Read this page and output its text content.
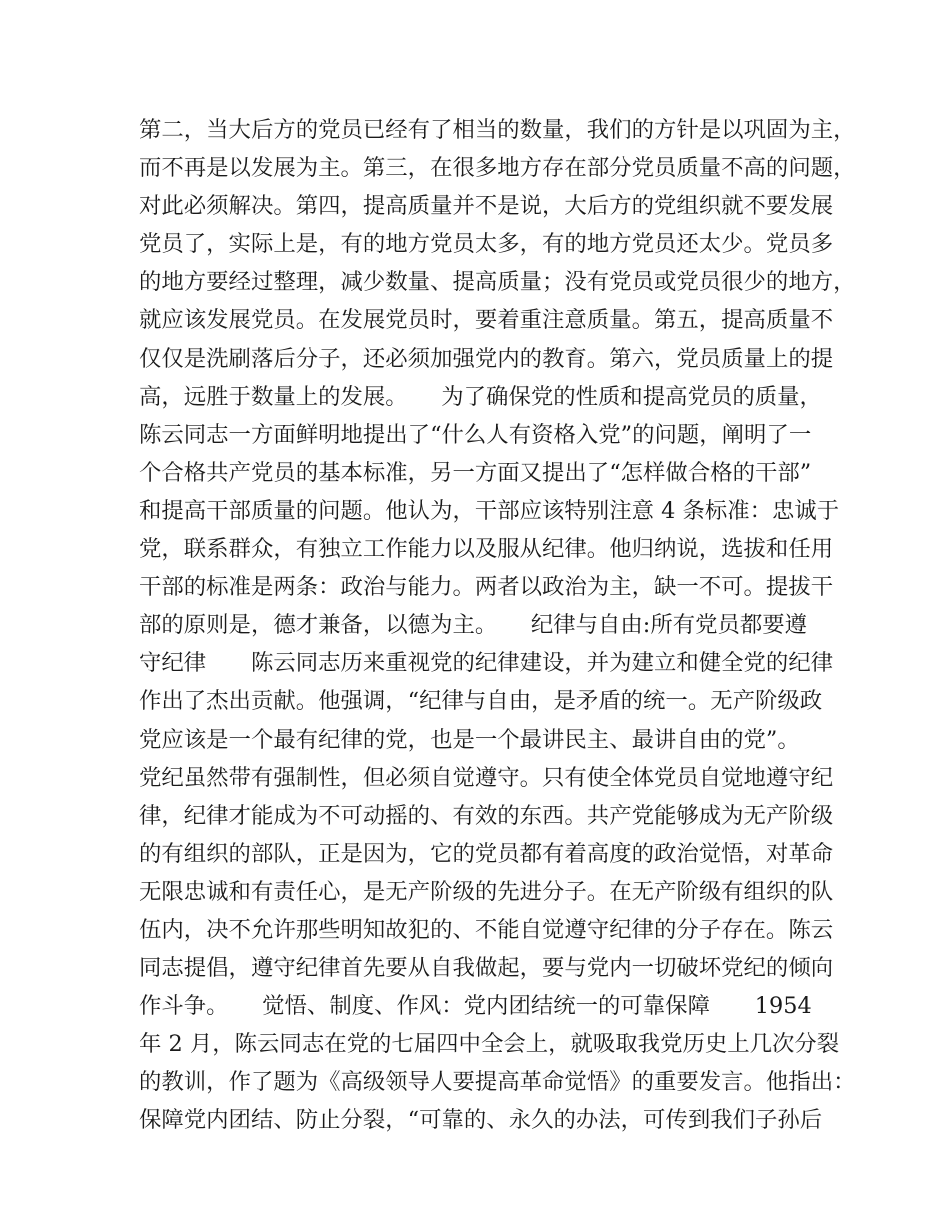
第二，当大后方的党员已经有了相当的数量，我们的方针是以巩固为主，
而不再是以发展为主。第三，在很多地方存在部分党员质量不高的问题，
对此必须解决。第四，提高质量并不是说，大后方的党组织就不要发展
党员了，实际上是，有的地方党员太多，有的地方党员还太少。党员多
的地方要经过整理，减少数量、提高质量；没有党员或党员很少的地方，
就应该发展党员。在发展党员时，要着重注意质量。第五，提高质量不
仅仅是洗刷落后分子，还必须加强党内的教育。第六，党员质量上的提
高，远胜于数量上的发展。　　为了确保党的性质和提高党员的质量，
陈云同志一方面鲜明地提出了“什么人有资格入党”的问题，阐明了一
个合格共产党员的基本标准，另一方面又提出了“怎样做合格的干部”
和提高干部质量的问题。他认为，干部应该特别注意 4 条标准：忠诚于
党，联系群众，有独立工作能力以及服从纪律。他归纳说，选拔和任用
干部的标准是两条：政治与能力。两者以政治为主，缺一不可。提拔干
部的原则是，德才兼备，以德为主。　　纪律与自由:所有党员都要遵
守纪律　　陈云同志历来重视党的纪律建设，并为建立和健全党的纪律
作出了杰出贡献。他强调，“纪律与自由，是矛盾的统一。无产阶级政
党应该是一个最有纪律的党，也是一个最讲民主、最讲自由的党”。
党纪虽然带有强制性，但必须自觉遵守。只有使全体党员自觉地遵守纪
律，纪律才能成为不可动摇的、有效的东西。共产党能够成为无产阶级
的有组织的部队，正是因为，它的党员都有着高度的政治觉悟，对革命
无限忠诚和有责任心，是无产阶级的先进分子。在无产阶级有组织的队
伍内，决不允许那些明知故犯的、不能自觉遵守纪律的分子存在。陈云
同志提倡，遵守纪律首先要从自我做起，要与党内一切破坏党纪的倾向
作斗争。　　觉悟、制度、作风：党内团结统一的可靠保障　　1954
年 2 月，陈云同志在党的七届四中全会上，就吸取我党历史上几次分裂
的教训，作了题为《高级领导人要提高革命觉悟》的重要发言。他指出：
保障党内团结、防止分裂，“可靠的、永久的办法，可传到我们子孙后
